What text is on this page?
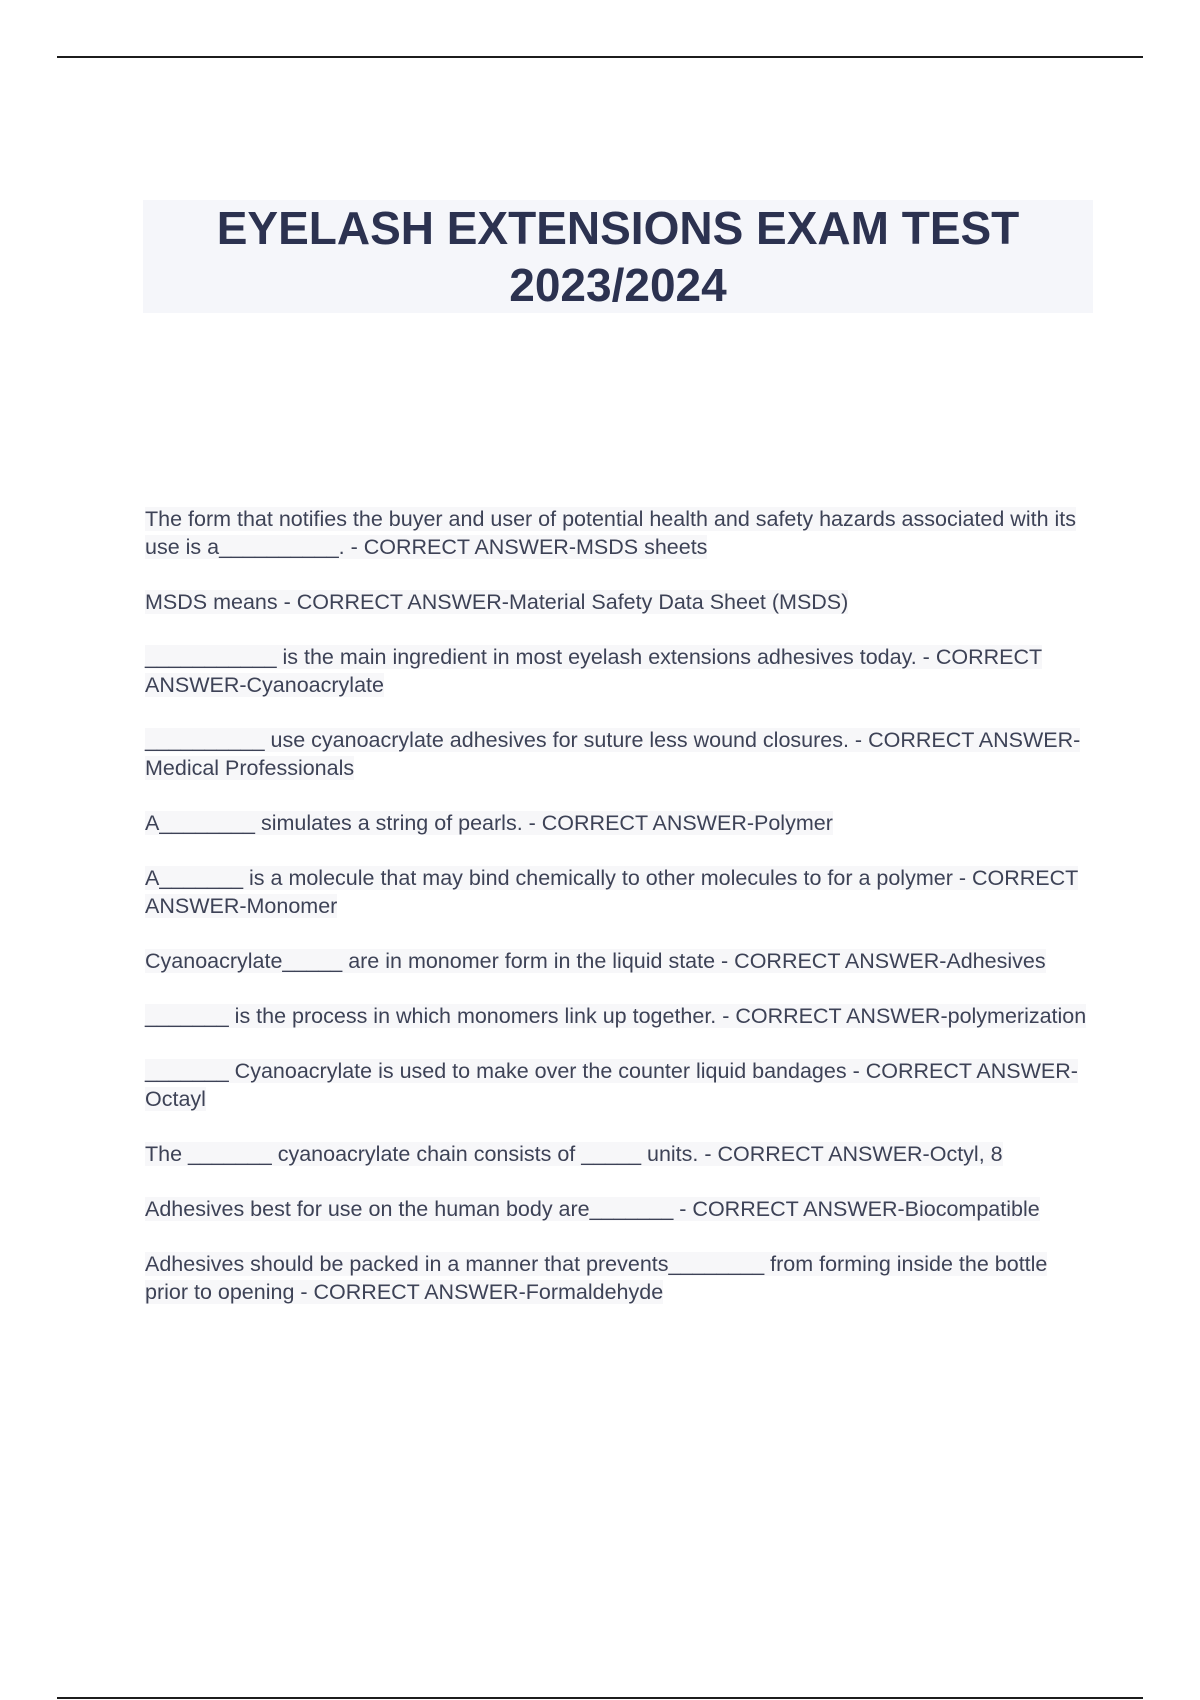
EYELASH EXTENSIONS EXAM TEST
2023/2024

The form that notifies the buyer and user of potential health and safety hazards associated with its use is a__________. - CORRECT ANSWER-MSDS sheets

MSDS means - CORRECT ANSWER-Material Safety Data Sheet (MSDS)

___________ is the main ingredient in most eyelash extensions adhesives today. - CORRECT ANSWER-Cyanoacrylate

__________ use cyanoacrylate adhesives for suture less wound closures. - CORRECT ANSWER-Medical Professionals

A________ simulates a string of pearls. - CORRECT ANSWER-Polymer

A_______ is a molecule that may bind chemically to other molecules to for a polymer - CORRECT ANSWER-Monomer

Cyanoacrylate_____ are in monomer form in the liquid state - CORRECT ANSWER-Adhesives

_______ is the process in which monomers link up together. - CORRECT ANSWER-polymerization

_______ Cyanoacrylate is used to make over the counter liquid bandages - CORRECT ANSWER-Octayl

The _______ cyanoacrylate chain consists of _____ units. - CORRECT ANSWER-Octyl, 8

Adhesives best for use on the human body are_______ - CORRECT ANSWER-Biocompatible

Adhesives should be packed in a manner that prevents________ from forming inside the bottle prior to opening - CORRECT ANSWER-Formaldehyde
